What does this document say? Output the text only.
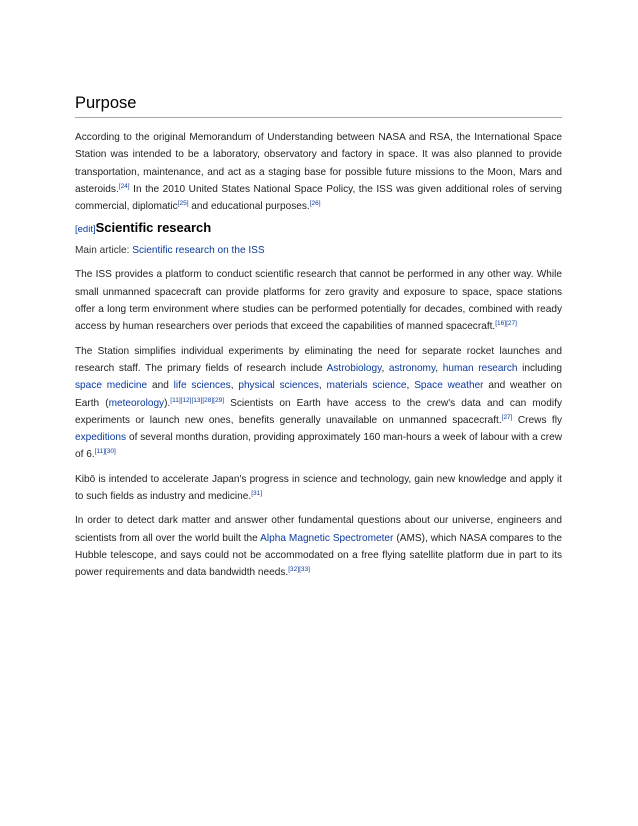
Purpose

According to the original Memorandum of Understanding between NASA and RSA, the International Space Station was intended to be a laboratory, observatory and factory in space. It was also planned to provide transportation, maintenance, and act as a staging base for possible future missions to the Moon, Mars and asteroids.[24] In the 2010 United States National Space Policy, the ISS was given additional roles of serving commercial, diplomatic[25] and educational purposes.[26]

[edit]Scientific research
Main article: Scientific research on the ISS

The ISS provides a platform to conduct scientific research that cannot be performed in any other way. While small unmanned spacecraft can provide platforms for zero gravity and exposure to space, space stations offer a long term environment where studies can be performed potentially for decades, combined with ready access by human researchers over periods that exceed the capabilities of manned spacecraft.[16][27]

The Station simplifies individual experiments by eliminating the need for separate rocket launches and research staff. The primary fields of research include Astrobiology, astronomy, human research including space medicine and life sciences, physical sciences, materials science, Space weather and weather on Earth (meteorology).[11][12][13][28][29] Scientists on Earth have access to the crew's data and can modify experiments or launch new ones, benefits generally unavailable on unmanned spacecraft.[27] Crews fly expeditions of several months duration, providing approximately 160 man-hours a week of labour with a crew of 6.[11][30]

Kibō is intended to accelerate Japan's progress in science and technology, gain new knowledge and apply it to such fields as industry and medicine.[31]

In order to detect dark matter and answer other fundamental questions about our universe, engineers and scientists from all over the world built the Alpha Magnetic Spectrometer (AMS), which NASA compares to the Hubble telescope, and says could not be accommodated on a free flying satellite platform due in part to its power requirements and data bandwidth needs.[32][33]
